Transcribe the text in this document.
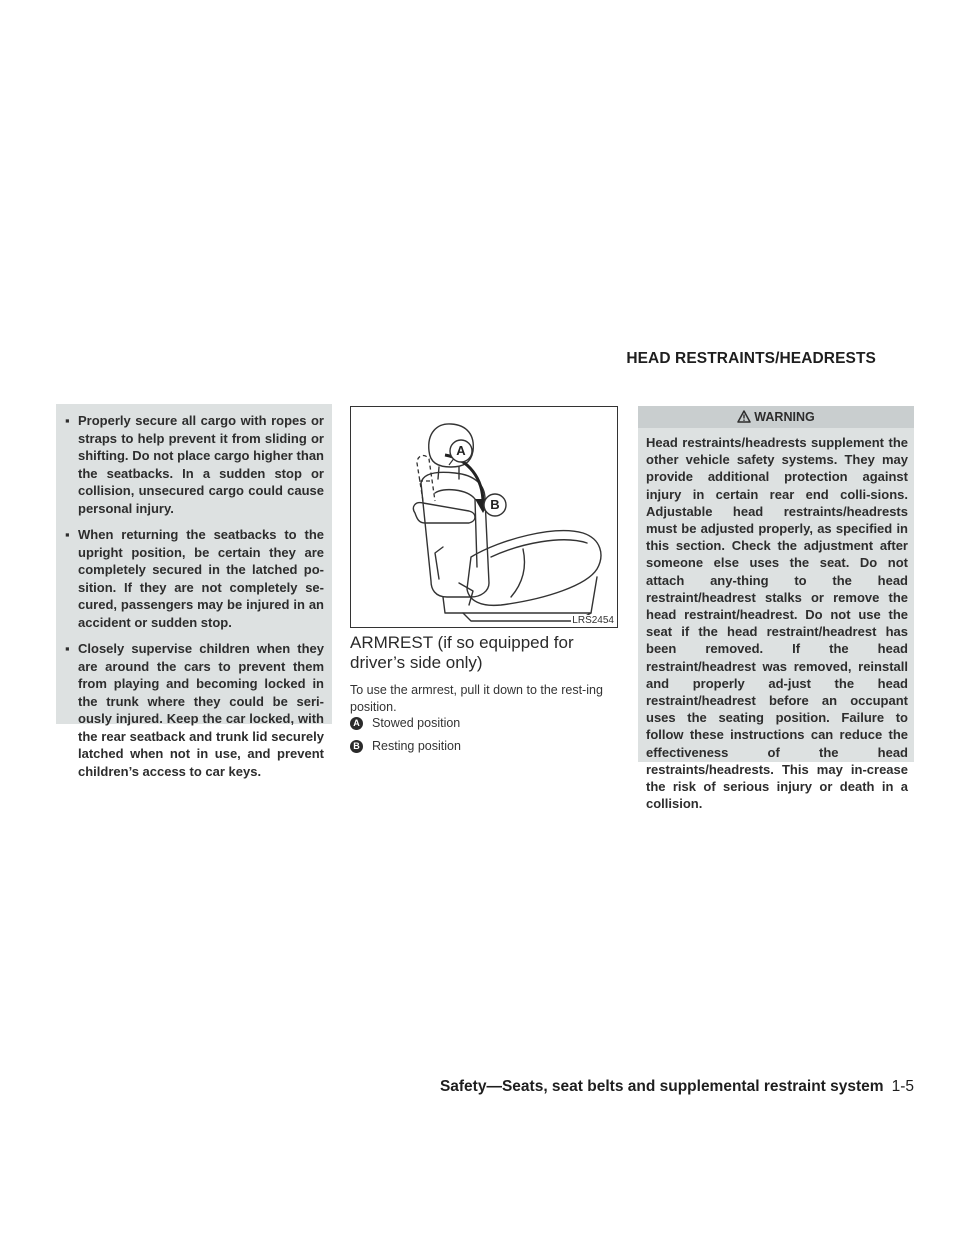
HEAD RESTRAINTS/HEADRESTS
▪ Properly secure all cargo with ropes or straps to help prevent it from sliding or shifting. Do not place cargo higher than the seatbacks. In a sudden stop or collision, unsecured cargo could cause personal injury.
▪ When returning the seatbacks to the upright position, be certain they are completely secured in the latched po-sition. If they are not completely se-cured, passengers may be injured in an accident or sudden stop.
▪ Closely supervise children when they are around the cars to prevent them from playing and becoming locked in the trunk where they could be seri-ously injured. Keep the car locked, with the rear seatback and trunk lid securely latched when not in use, and prevent children’s access to car keys.
A
B
LRS2454
ARMREST (if so equipped for driver’s side only)
To use the armrest, pull it down to the rest-ing position.
A Stowed position
B Resting position
WARNING
Head restraints/headrests supplement the other vehicle safety systems. They may provide additional protection against injury in certain rear end colli-sions. Adjustable head restraints/headrests must be adjusted properly, as specified in this section. Check the adjustment after someone else uses the seat. Do not attach any-thing to the head restraint/headrest stalks or remove the head restraint/headrest. Do not use the seat if the head restraint/headrest has been removed. If the head restraint/headrest was removed, reinstall and properly ad-just the head restraint/headrest before an occupant uses the seating position. Failure to follow these instructions can reduce the effectiveness of the head restraints/headrests. This may in-crease the risk of serious injury or death in a collision.
Safety—Seats, seat belts and supplemental restraint system 1-5
